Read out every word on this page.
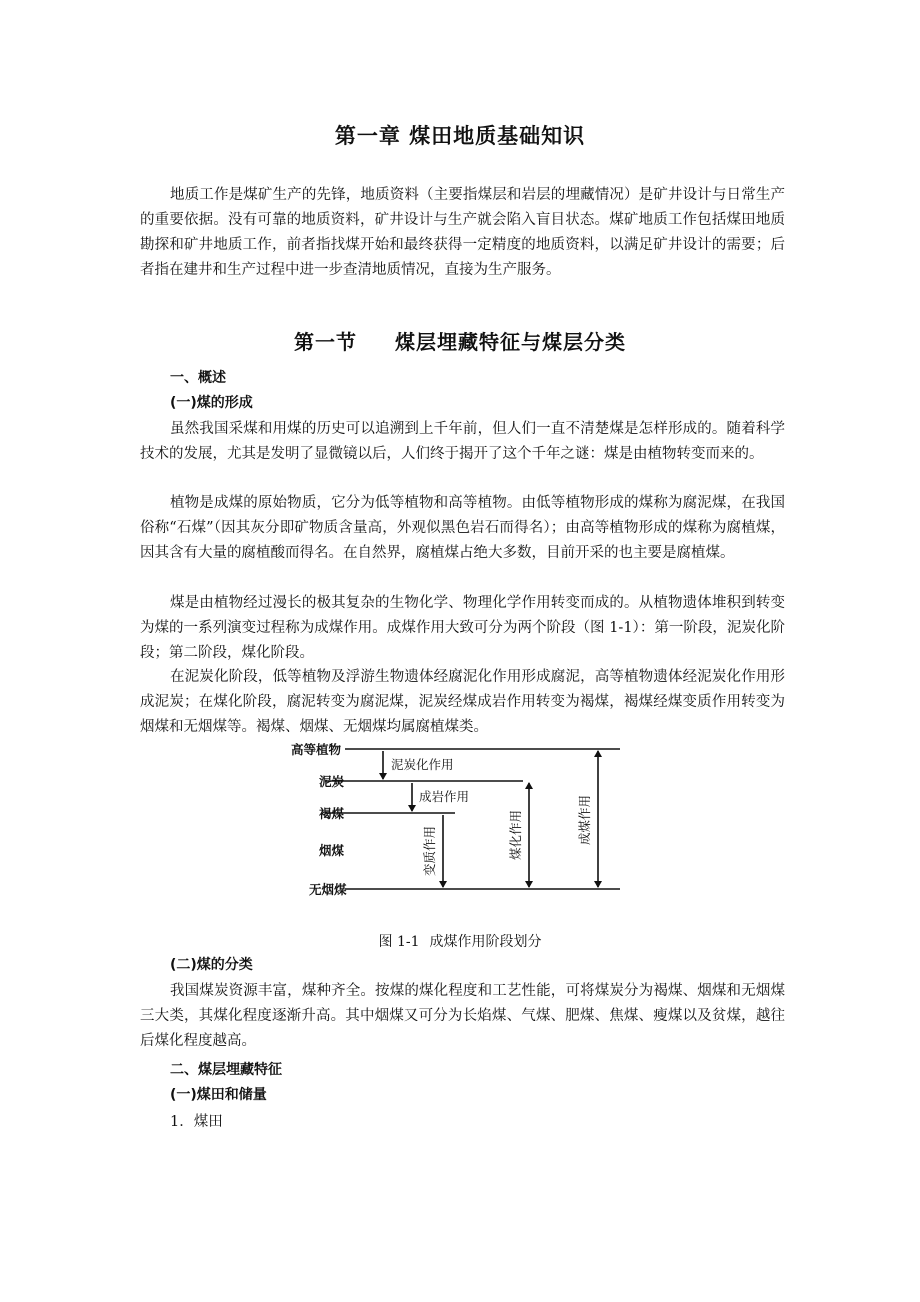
第一章 煤田地质基础知识

地质工作是煤矿生产的先锋，地质资料（主要指煤层和岩层的埋藏情况）是矿井设计与日常生产的重要依据。没有可靠的地质资料，矿井设计与生产就会陷入盲目状态。煤矿地质工作包括煤田地质勘探和矿井地质工作，前者指找煤开始和最终获得一定精度的地质资料，以满足矿井设计的需要；后者指在建井和生产过程中进一步查清地质情况，直接为生产服务。

第一节 煤层埋藏特征与煤层分类
一、概述
(一)煤的形成

虽然我国采煤和用煤的历史可以追溯到上千年前，但人们一直不清楚煤是怎样形成的。随着科学技术的发展，尤其是发明了显微镜以后，人们终于揭开了这个千年之谜：煤是由植物转变而来的。

植物是成煤的原始物质，它分为低等植物和高等植物。由低等植物形成的煤称为腐泥煤，在我国俗称“石煤”（因其灰分即矿物质含量高，外观似黑色岩石而得名）；由高等植物形成的煤称为腐植煤，因其含有大量的腐植酸而得名。在自然界，腐植煤占绝大多数，目前开采的也主要是腐植煤。

煤是由植物经过漫长的极其复杂的生物化学、物理化学作用转变而成的。从植物遗体堆积到转变为煤的一系列演变过程称为成煤作用。成煤作用大致可分为两个阶段（图 1-1）：第一阶段，泥炭化阶段；第二阶段，煤化阶段。

在泥炭化阶段，低等植物及浮游生物遗体经腐泥化作用形成腐泥，高等植物遗体经泥炭化作用形成泥炭；在煤化阶段，腐泥转变为腐泥煤，泥炭经煤成岩作用转变为褐煤，褐煤经煤变质作用转变为烟煤和无烟煤等。褐煤、烟煤、无烟煤均属腐植煤类。

高等植物
泥炭
褐煤
烟煤
无烟煤
泥炭化作用
成岩作用
变质作用	煤化作用	成煤作用
图 1-1 成煤作用阶段划分
(二)煤的分类

我国煤炭资源丰富，煤种齐全。按煤的煤化程度和工艺性能，可将煤炭分为褐煤、烟煤和无烟煤三大类，其煤化程度逐渐升高。其中烟煤又可分为长焰煤、气煤、肥煤、焦煤、瘦煤以及贫煤，越往后煤化程度越高。

二、煤层埋藏特征
(一)煤田和储量
1．煤田
